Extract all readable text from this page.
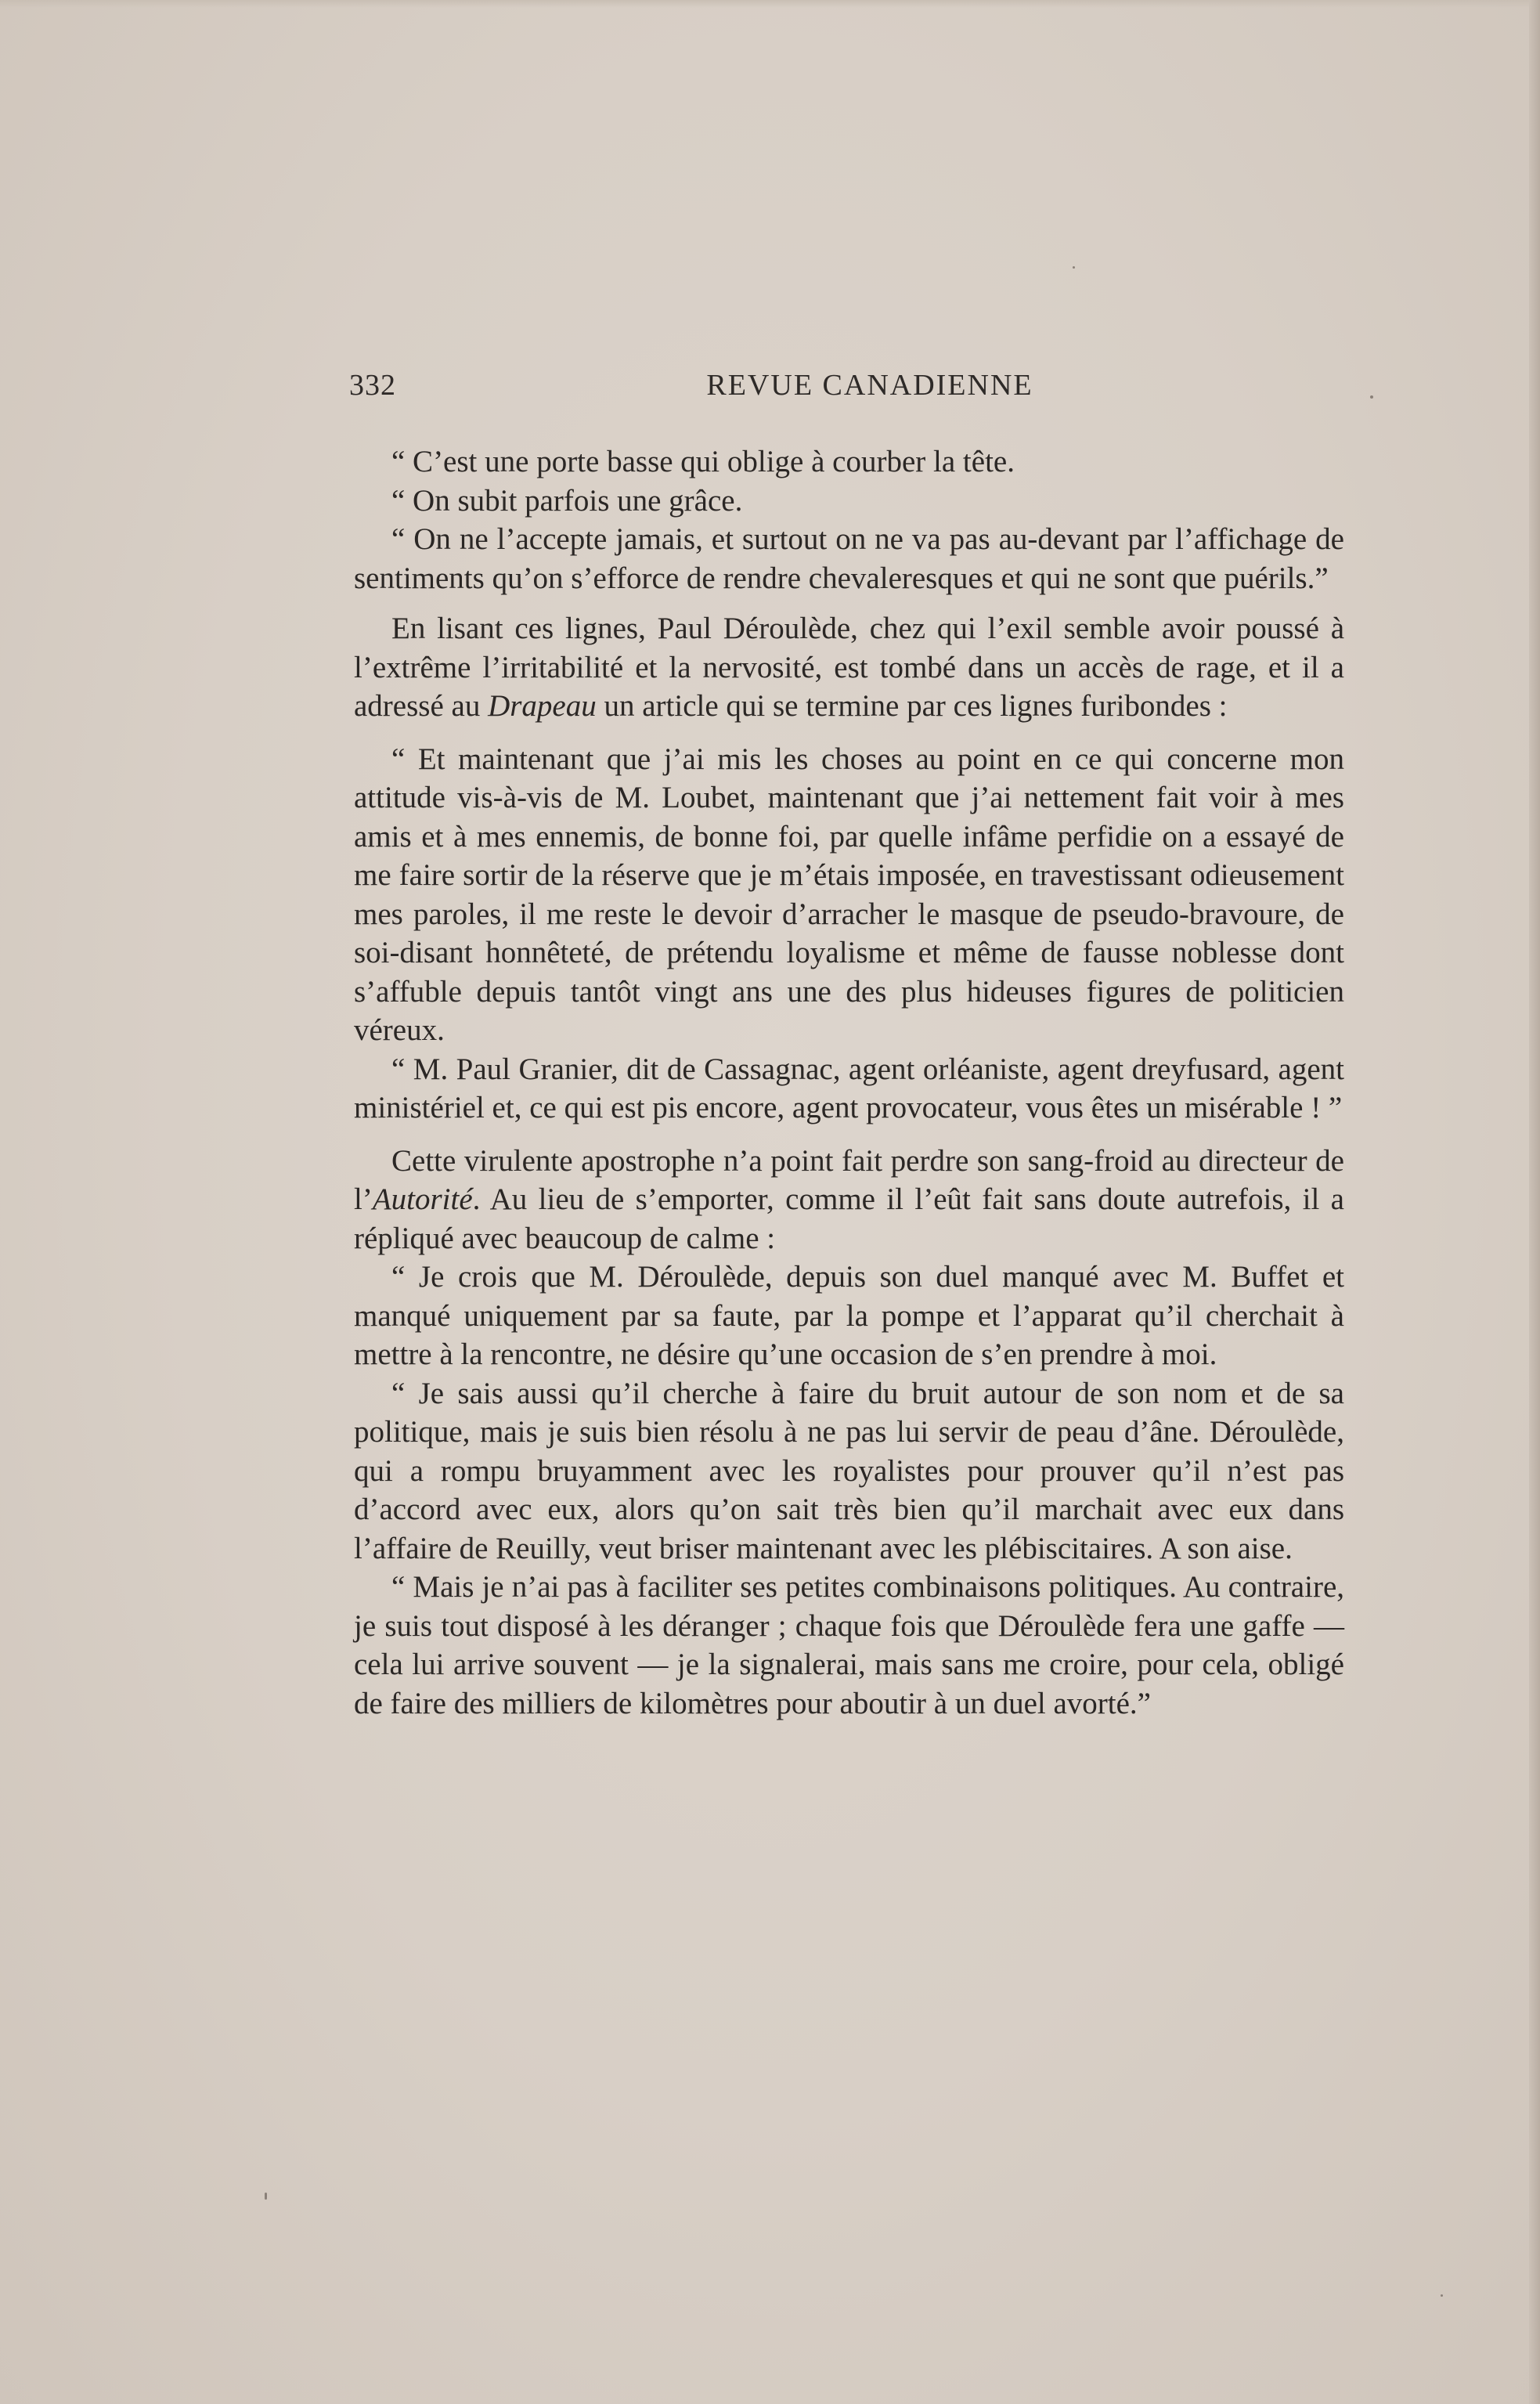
332	REVUE CANADIENNE

“ C’est une porte basse qui oblige à courber la tête.

“ On subit parfois une grâce.

“ On ne l’accepte jamais, et surtout on ne va pas au-devant par l’affichage de sentiments qu’on s’efforce de rendre chevaleresques et qui ne sont que puérils.”

En lisant ces lignes, Paul Déroulède, chez qui l’exil semble avoir poussé à l’extrême l’irritabilité et la nervosité, est tombé dans un accès de rage, et il a adressé au Drapeau un article qui se termine par ces lignes furibondes :

“ Et maintenant que j’ai mis les choses au point en ce qui concerne mon attitude vis-à-vis de M. Loubet, maintenant que j’ai nettement fait voir à mes amis et à mes ennemis, de bonne foi, par quelle infâme perfidie on a essayé de me faire sortir de la réserve que je m’étais imposée, en travestissant odieusement mes paroles, il me reste le devoir d’arracher le masque de pseudo-bravoure, de soi-disant honnêteté, de prétendu loyalisme et même de fausse noblesse dont s’affuble depuis tantôt vingt ans une des plus hideuses figures de politicien véreux.

“ M. Paul Granier, dit de Cassagnac, agent orléaniste, agent dreyfusard, agent ministériel et, ce qui est pis encore, agent provocateur, vous êtes un misérable ! ”

Cette virulente apostrophe n’a point fait perdre son sang-froid au directeur de l’Autorité. Au lieu de s’emporter, comme il l’eût fait sans doute autrefois, il a répliqué avec beaucoup de calme :

“ Je crois que M. Déroulède, depuis son duel manqué avec M. Buffet et manqué uniquement par sa faute, par la pompe et l’apparat qu’il cherchait à mettre à la rencontre, ne désire qu’une occasion de s’en prendre à moi.

“ Je sais aussi qu’il cherche à faire du bruit autour de son nom et de sa politique, mais je suis bien résolu à ne pas lui servir de peau d’âne. Déroulède, qui a rompu bruyamment avec les royalistes pour prouver qu’il n’est pas d’accord avec eux, alors qu’on sait très bien qu’il marchait avec eux dans l’affaire de Reuilly, veut briser maintenant avec les plébiscitaires. A son aise.

“ Mais je n’ai pas à faciliter ses petites combinaisons politiques. Au contraire, je suis tout disposé à les déranger ; chaque fois que Déroulède fera une gaffe — cela lui arrive souvent — je la signalerai, mais sans me croire, pour cela, obligé de faire des milliers de kilomètres pour aboutir à un duel avorté.”
